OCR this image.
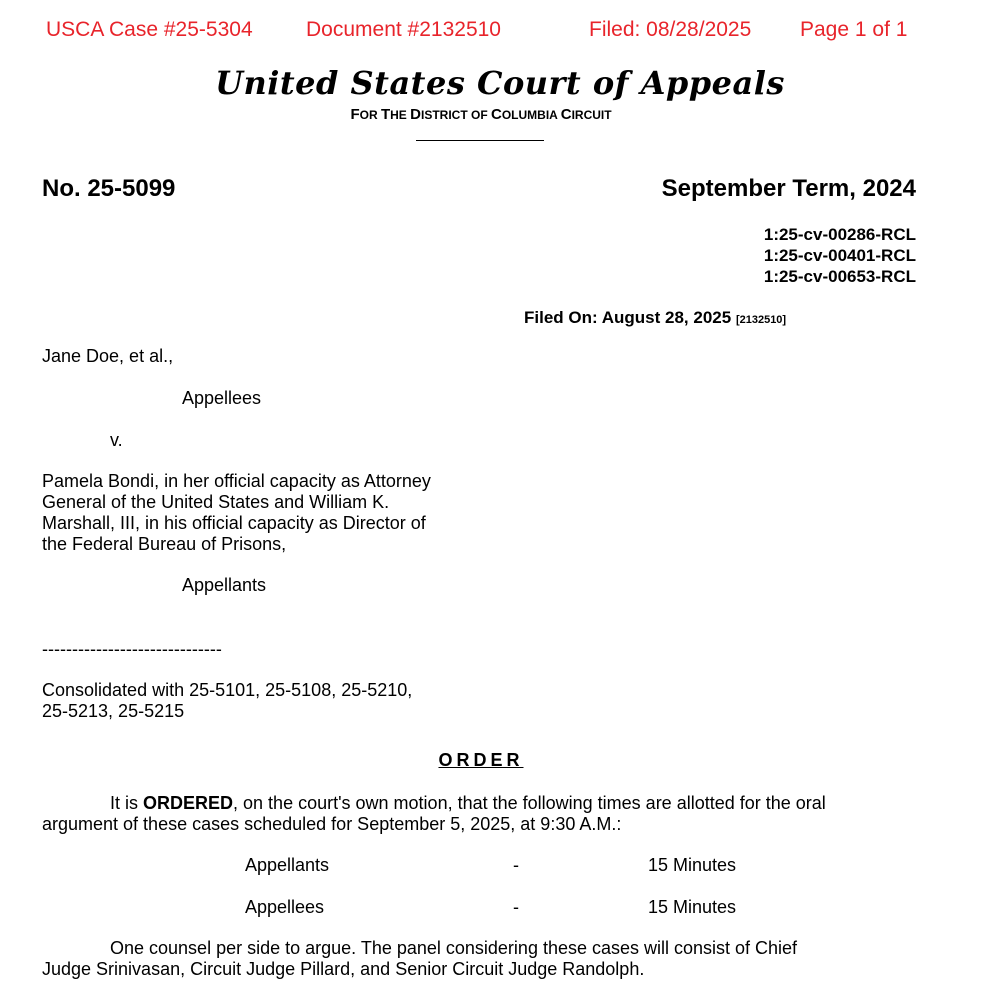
USCA Case #25-5304	Document #2132510	Filed: 08/28/2025 Page 1 of 1
United States Court of Appeals
FOR THE DISTRICT OF COLUMBIA CIRCUIT
No. 25-5099	September Term, 2024
1:25-cv-00286-RCL
1:25-cv-00401-RCL
1:25-cv-00653-RCL
Filed On: August 28, 2025 [2132510]
Jane Doe, et al.,
Appellees
v.
Pamela Bondi, in her official capacity as Attorney
General of the United States and William K.
Marshall, III, in his official capacity as Director of
the Federal Bureau of Prisons,
Appellants
------------------------------
Consolidated with 25-5101, 25-5108, 25-5210,
25-5213, 25-5215
ORDER
It is ORDERED, on the court's own motion, that the following times are allotted for the oral
argument of these cases scheduled for September 5, 2025, at 9:30 A.M.:
Appellants	-	15 Minutes
Appellees	-	15 Minutes
One counsel per side to argue. The panel considering these cases will consist of Chief
Judge Srinivasan, Circuit Judge Pillard, and Senior Circuit Judge Randolph.
